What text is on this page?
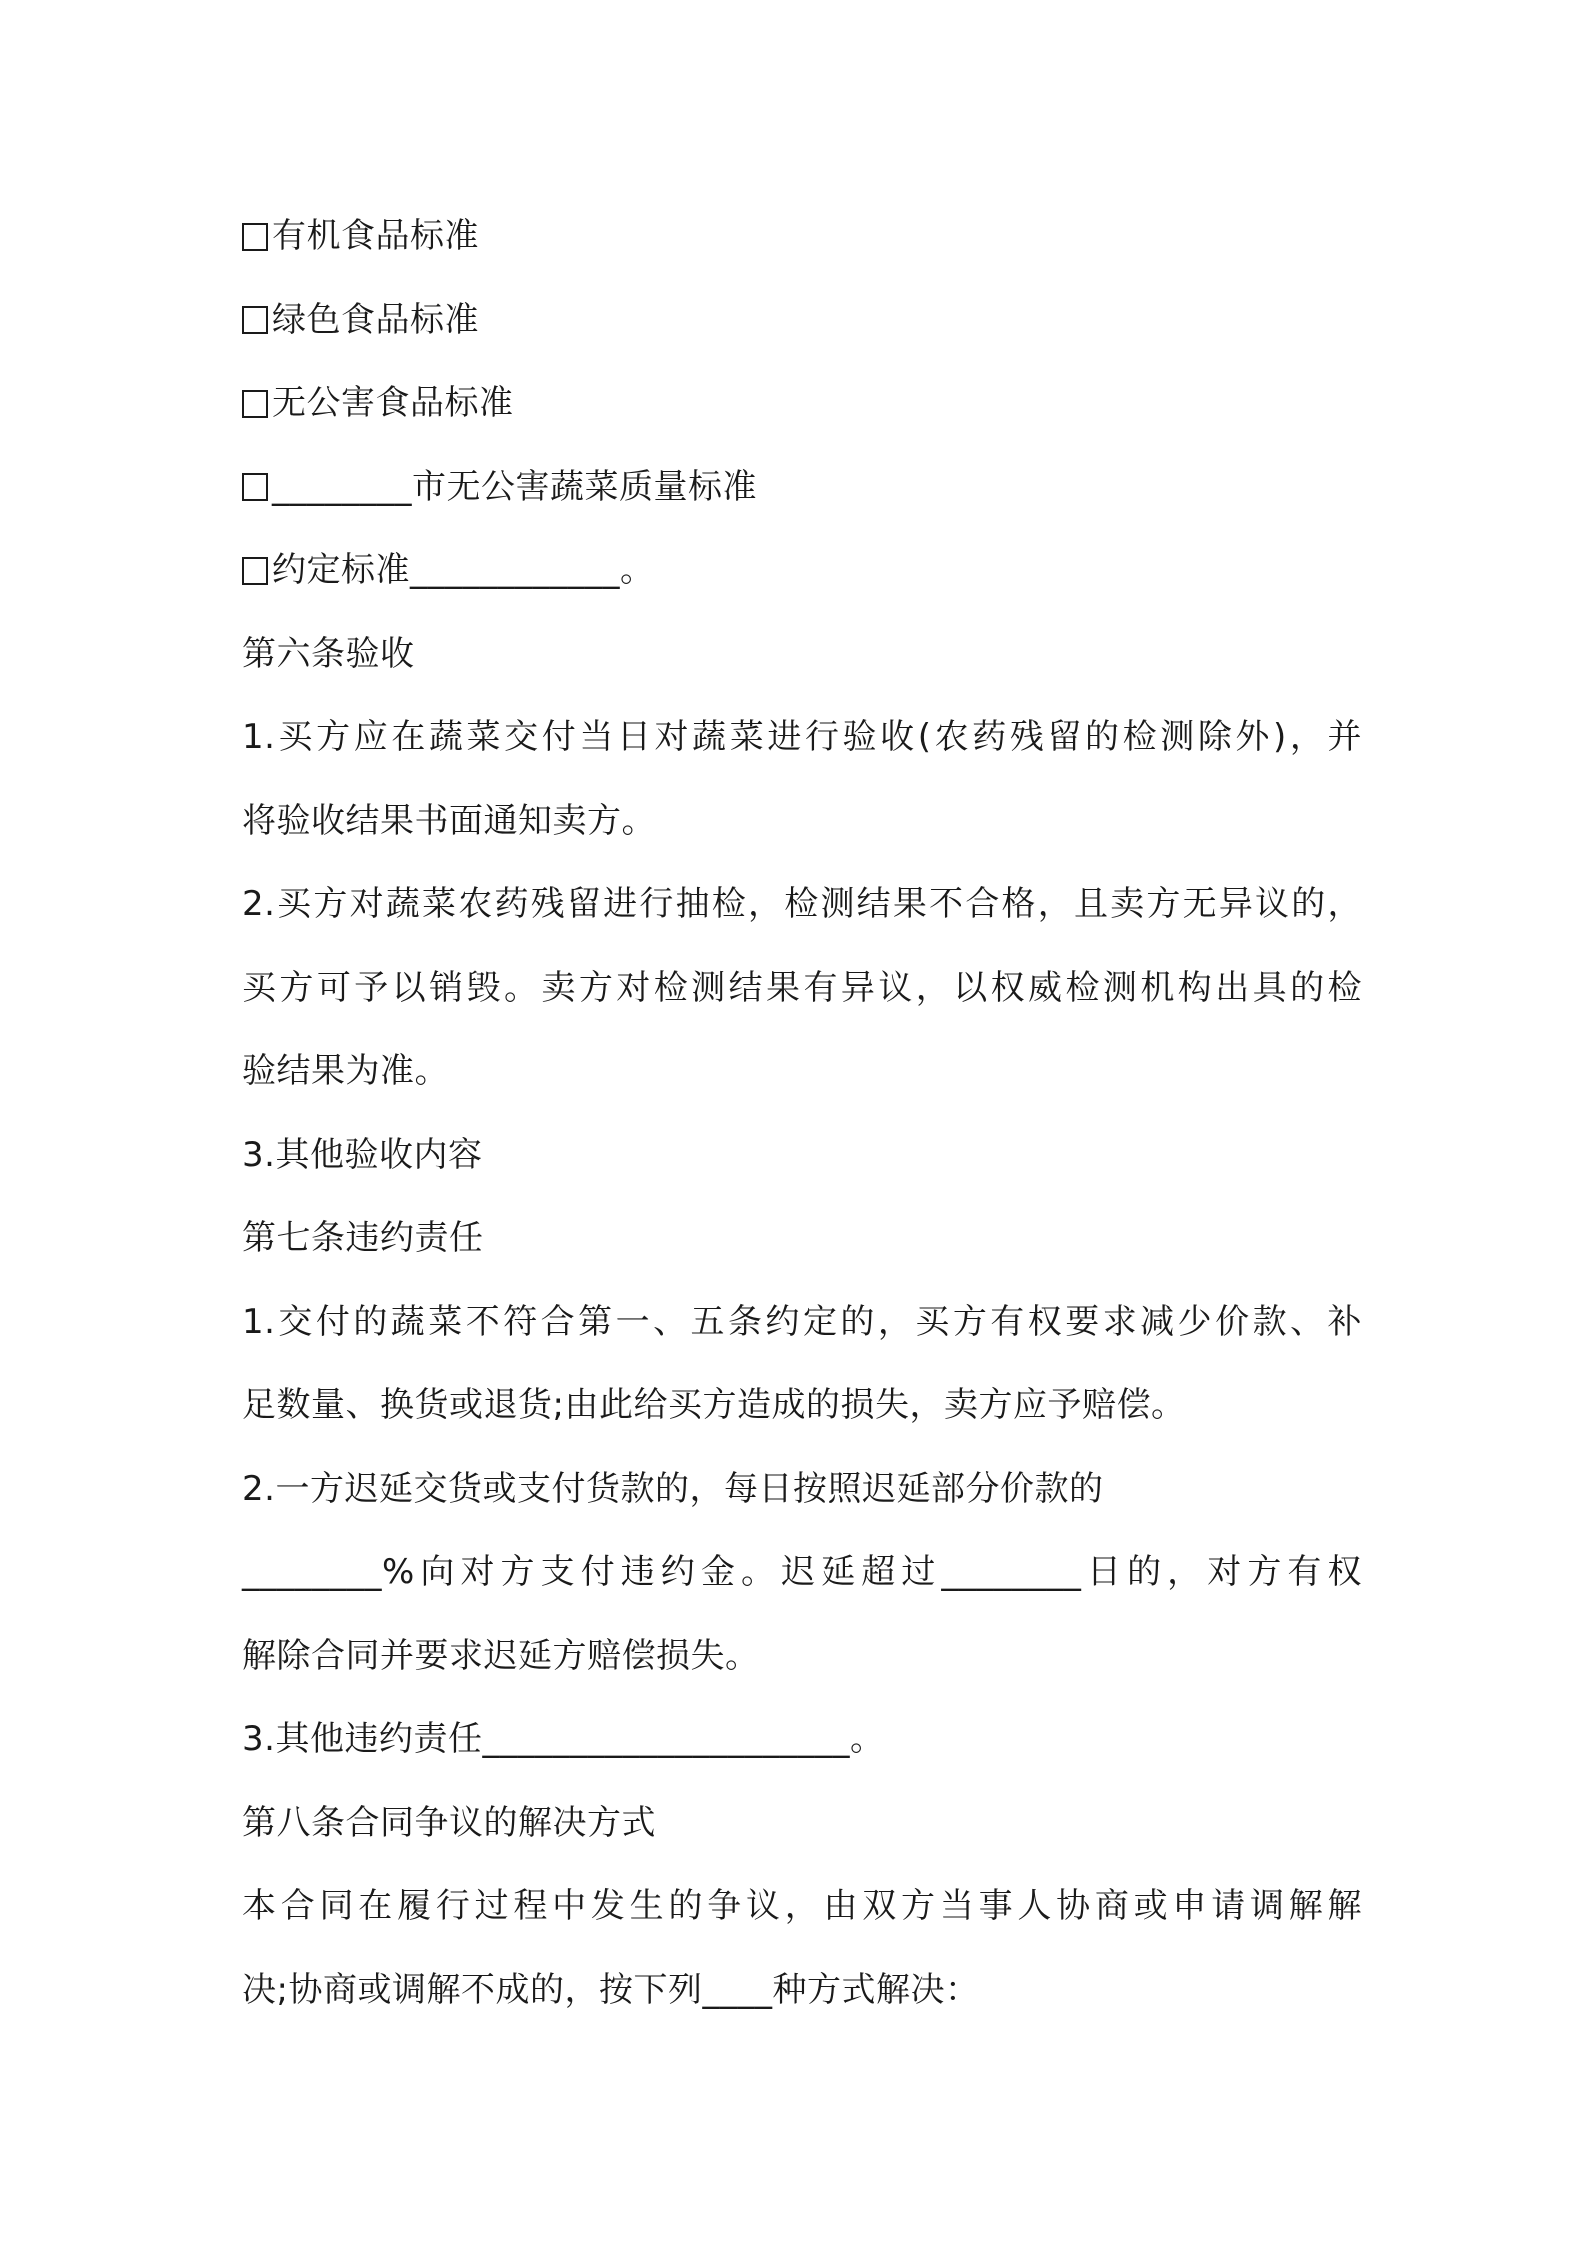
有机食品标准
绿色食品标准
无公害食品标准
________市无公害蔬菜质量标准
约定标准____________。
第六条验收
1.买方应在蔬菜交付当日对蔬菜进行验收(农药残留的检测除外)，并
将验收结果书面通知卖方。
2.买方对蔬菜农药残留进行抽检，检测结果不合格，且卖方无异议的，
买方可予以销毁。卖方对检测结果有异议，以权威检测机构出具的检
验结果为准。
3.其他验收内容
第七条违约责任
1.交付的蔬菜不符合第一、五条约定的，买方有权要求减少价款、补
足数量、换货或退货;由此给买方造成的损失，卖方应予赔偿。
2.一方迟延交货或支付货款的，每日按照迟延部分价款的
________%向对方支付违约金。迟延超过________日的，对方有权
解除合同并要求迟延方赔偿损失。
3.其他违约责任_____________________。
第八条合同争议的解决方式
本合同在履行过程中发生的争议，由双方当事人协商或申请调解解
决;协商或调解不成的，按下列____种方式解决：
